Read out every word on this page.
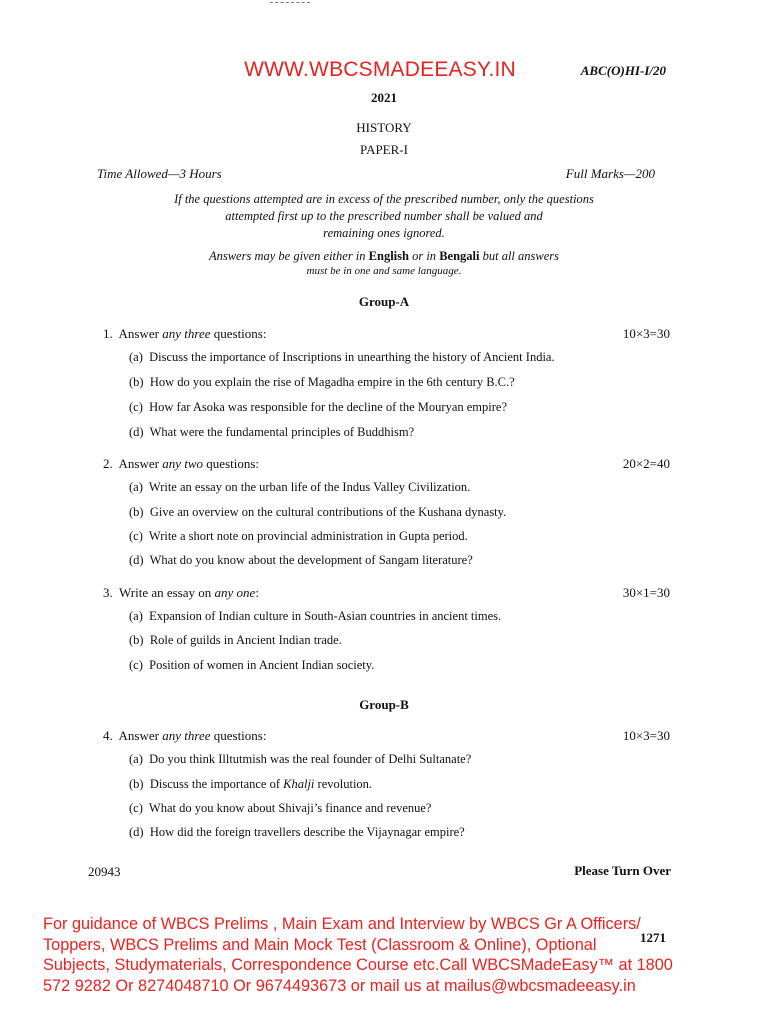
WWW.WBCSMADEEASY.IN	ABC(O)HI-I/20
2021
HISTORY
PAPER-I
Time Allowed—3 Hours	Full Marks—200
If the questions attempted are in excess of the prescribed number, only the questions
attempted first up to the prescribed number shall be valued and
remaining ones ignored.
Answers may be given either in English or in Bengali but all answers
must be in one and same language.
Group-A
1. Answer any three questions:	10×3=30
(a) Discuss the importance of Inscriptions in unearthing the history of Ancient India.
(b) How do you explain the rise of Magadha empire in the 6th century B.C.?
(c) How far Asoka was responsible for the decline of the Mouryan empire?
(d) What were the fundamental principles of Buddhism?
2. Answer any two questions:	20×2=40
(a) Write an essay on the urban life of the Indus Valley Civilization.
(b) Give an overview on the cultural contributions of the Kushana dynasty.
(c) Write a short note on provincial administration in Gupta period.
(d) What do you know about the development of Sangam literature?
3. Write an essay on any one:	30×1=30
(a) Expansion of Indian culture in South-Asian countries in ancient times.
(b) Role of guilds in Ancient Indian trade.
(c) Position of women in Ancient Indian society.
Group-B
4. Answer any three questions:	10×3=30
(a) Do you think Illtutmish was the real founder of Delhi Sultanate?
(b) Discuss the importance of Khalji revolution.
(c) What do you know about Shivaji’s finance and revenue?
(d) How did the foreign travellers describe the Vijaynagar empire?
20943	Please Turn Over
For guidance of WBCS Prelims , Main Exam and Interview by WBCS Gr A Officers/
Toppers, WBCS Prelims and Main Mock Test (Classroom & Online), Optional
Subjects, Studymaterials, Correspondence Course etc.Call WBCSMadeEasy™ at 1800
572 9282 Or 8274048710 Or 9674493673 or mail us at mailus@wbcsmadeeasy.in
1271
